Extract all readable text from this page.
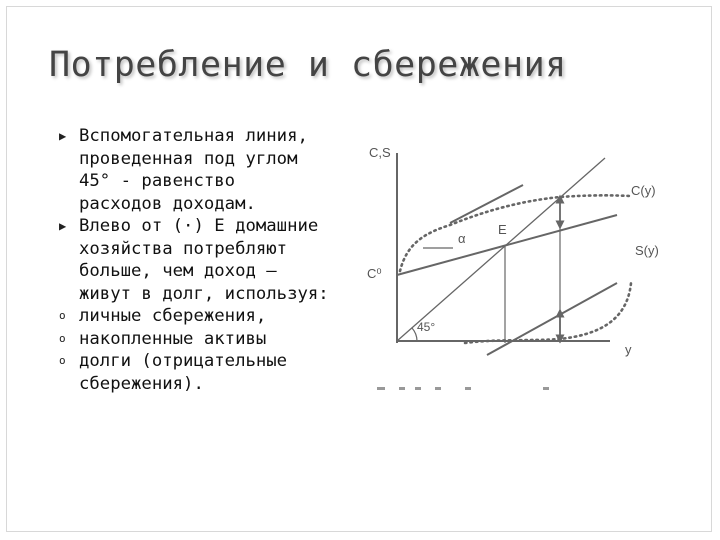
Потребление и сбережения
▶ Вспомогательная линия,
проведенная под углом
45° - равенство
расходов доходам.
▶ Влево от (·) Е домашние
хозяйства потребляют
больше, чем доход –
живут в долг, используя:
o личные сбережения,
o накопленные активы
o долги (отрицательные
сбережения).
C,S
C⁰
E
α
C(y)
S(y)
45°
y
